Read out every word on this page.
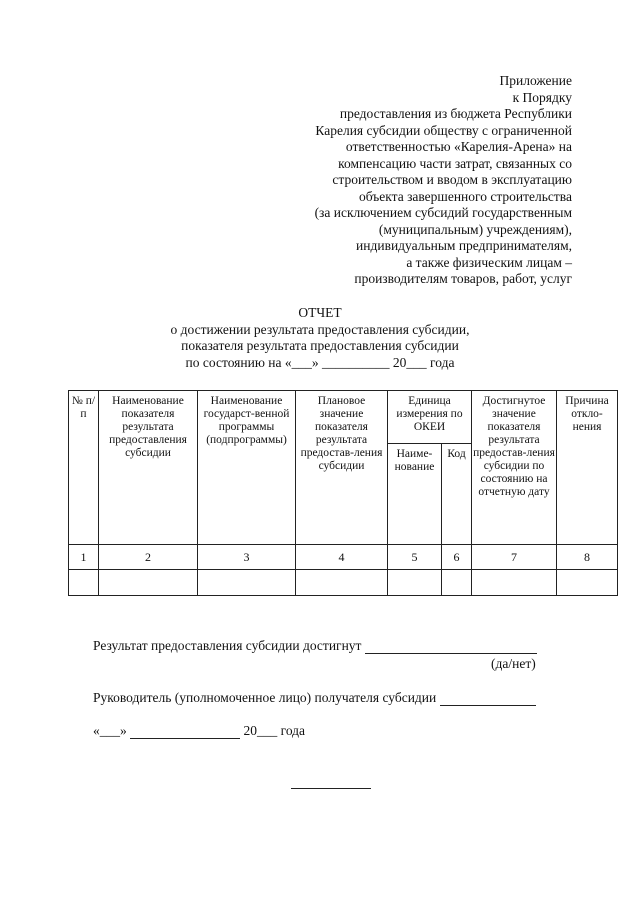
Приложение
к Порядку
предоставления из бюджета Республики
Карелия субсидии обществу с ограниченной
ответственностью «Карелия-Арена» на
компенсацию части затрат, связанных со
строительством и вводом в эксплуатацию
объекта завершенного строительства
(за исключением субсидий государственным
(муниципальным) учреждениям),
индивидуальным предпринимателям,
а также физическим лицам –
производителям товаров, работ, услуг
ОТЧЕТ
о достижении результата предоставления субсидии,
показателя результата предоставления субсидии
по состоянию на «___» __________ 20___ года
№ п/п	Наименование показателя результата предоставления субсидии	Наименование государст-венной программы (подпрограммы)	Плановое значение показателя результата предостав-ления субсидии	Единица измерения по ОКЕИ		Достигнутое значение показателя результата предостав-ления субсидии по состоянию на отчетную дату	Причина откло-нения
				Наиме-нование	Код		
1	2	3	4	5	6	7	8

Результат предоставления субсидии достигнут
(да/нет)
Руководитель (уполномоченное лицо) получателя субсидии
«___»	20___ года
